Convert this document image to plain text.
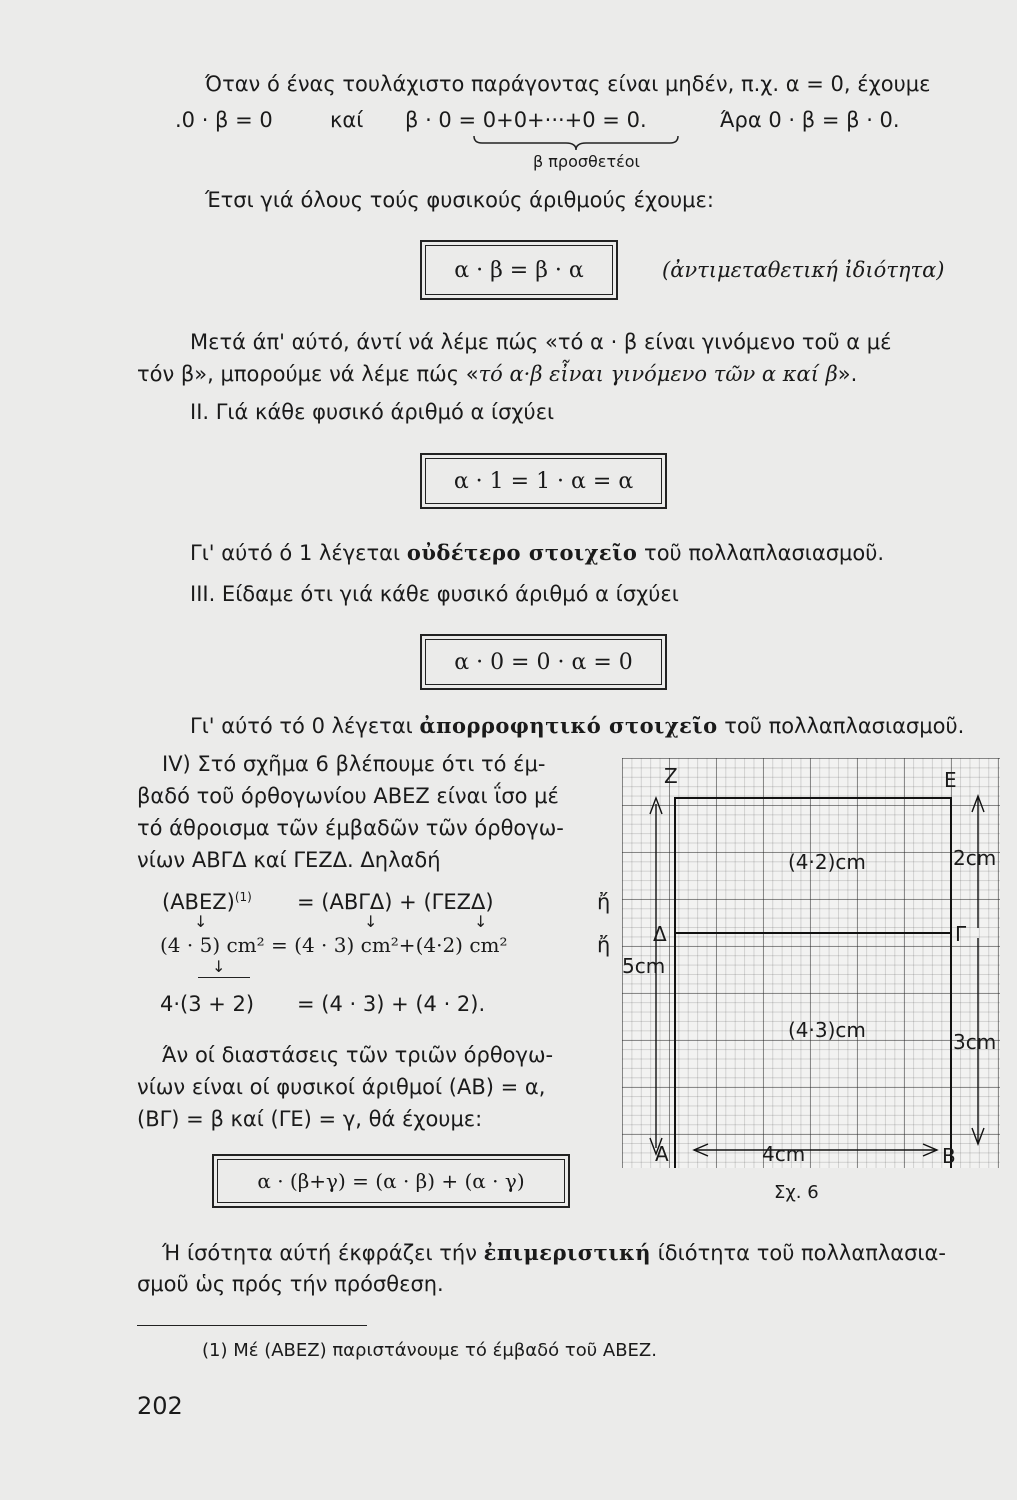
Όταν ό ένας τουλάχιστο παράγοντας είναι μηδέν, π.χ. α = 0, έχουμε
.0 · β = 0	καί β · 0 = 0+0+···+0 = 0.	Άρα 0 · β = β · 0.
β προσθετέοι
Έτσι γιά όλους τούς φυσικούς άριθμούς έχουμε:
α · β = β · α	(ἀντιμεταθετική ἰδιότητα)
Μετά άπ' αύτό, άντί νά λέμε πώς «τό α · β είναι γινόμενο τοῦ α μέ
τόν β», μπορούμε νά λέμε πώς «τό α·β εἶναι γινόμενο τῶν α καί β».
II. Γιά κάθε φυσικό άριθμό α ίσχύει
α · 1 = 1 · α = α
Γι' αύτό ό 1 λέγεται οὐδέτερο στοιχεῖο τοῦ πολλαπλασιασμοῦ.
III. Είδαμε ότι γιά κάθε φυσικό άριθμό α ίσχύει
α · 0 = 0 · α = 0
Γι' αύτό τό 0 λέγεται ἀπορροφητικό στοιχεῖο τοῦ πολλαπλασιασμοῦ.
IV) Στό σχῆμα 6 βλέπουμε ότι τό έμ-
βαδό τοῦ όρθογωνίου ΑΒΕΖ είναι ΐσο μέ
τό άθροισμα τῶν έμβαδῶν τῶν όρθογω-
νίων ΑΒΓΔ καί ΓΕΖΔ. Δηλαδή
$(ABEZ)^{(1)} = (AB\Gamma\Delta) + (\Gamma EZ\Delta)$	ἤ
↓	↓	↓
(4 · 5) cm² = (4 · 3) cm²+(4·2) cm²	ἤ
↓
4·(3 + 2) = (4 · 3) + (4 · 2).
Άν οί διαστάσεις τῶν τριῶν όρθογω-
νίων είναι οί φυσικοί άριθμοί (ΑΒ) = α,
(ΒΓ) = β καί (ΓΕ) = γ, θά έχουμε:
α · (β+γ) = (α · β) + (α · γ)
Ή ίσότητα αύτή έκφράζει τήν ἐπιμεριστική ίδιότητα τοῦ πολλαπλασια-
σμοῦ ὡς πρός τήν πρόσθεση.
(1) Μέ (ΑΒΕΖ) παριστάνουμε τό έμβαδό τοῦ ΑΒΕΖ.
202
Z	E
Δ	Γ
A	B
(4·2)cm
(4·3)cm
5cm
2cm
3cm
4cm
Σχ. 6
